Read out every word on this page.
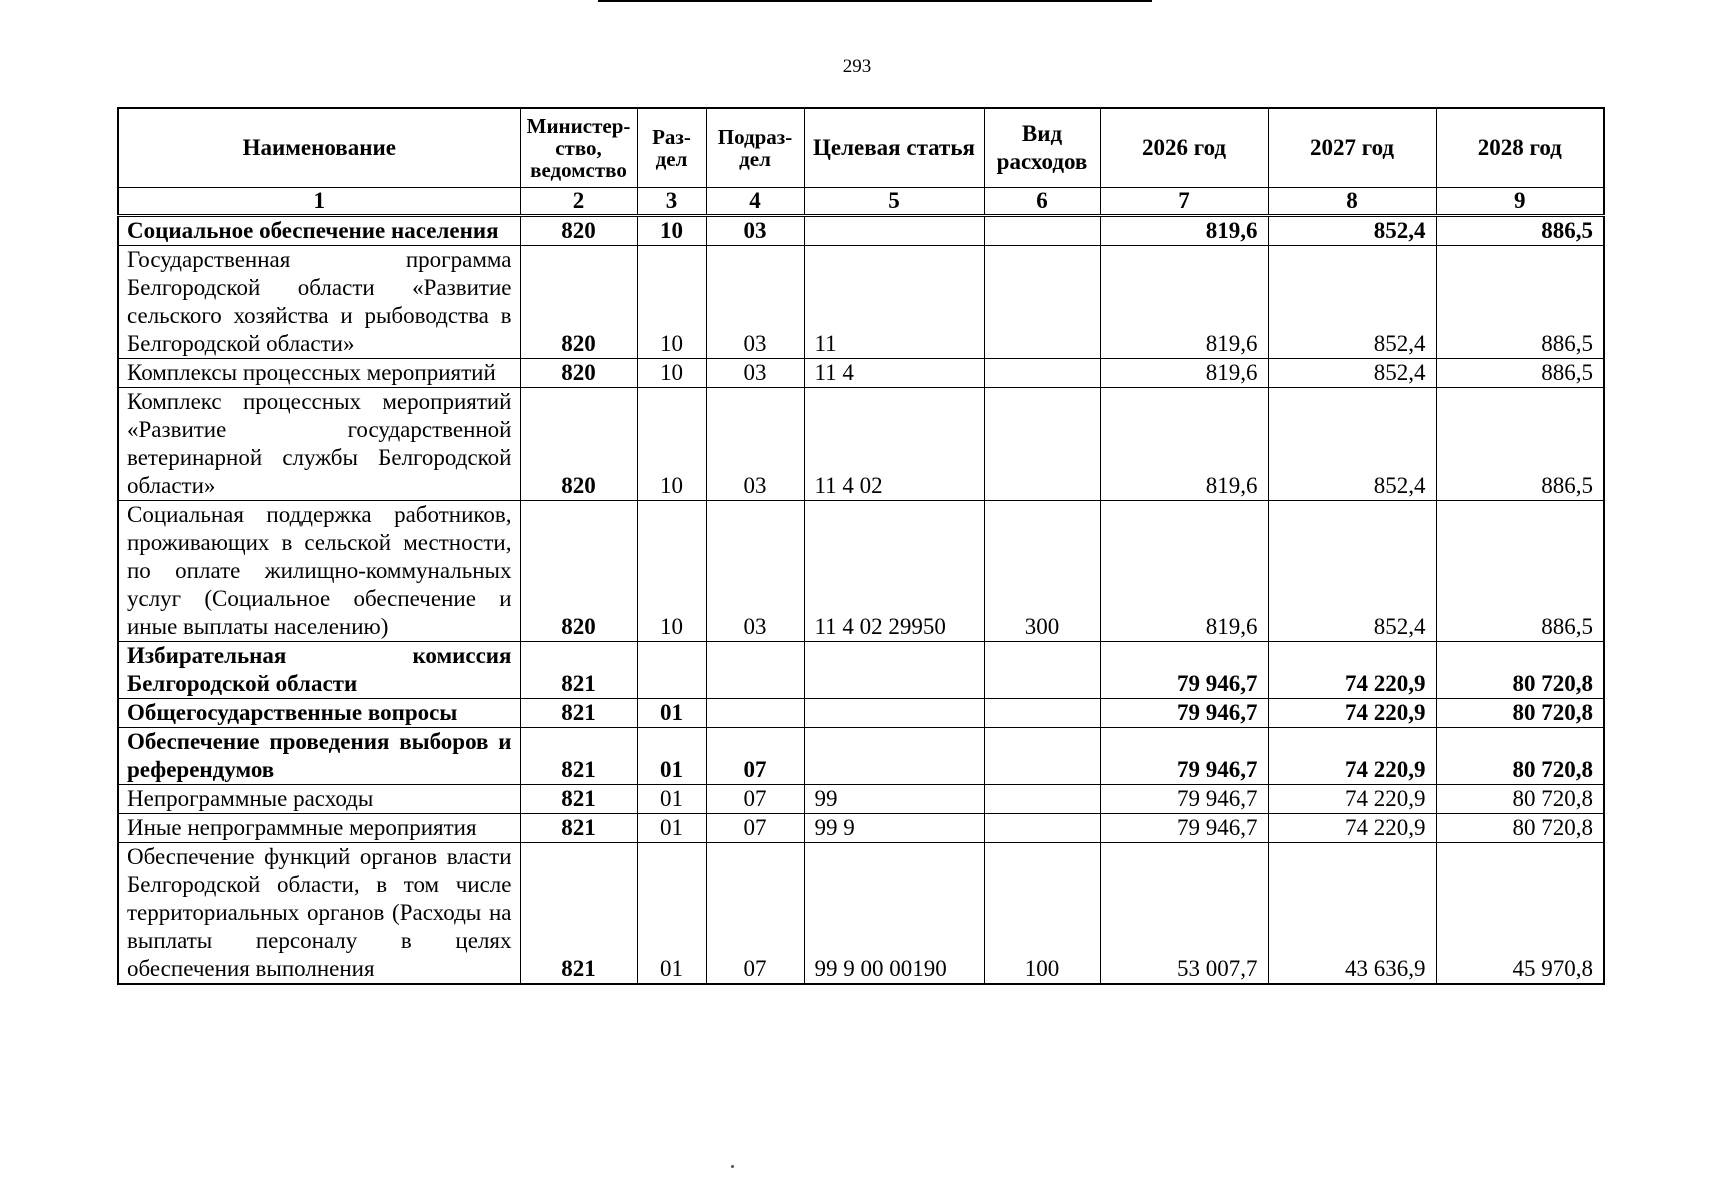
293
Наименование	Министер-ство, ведомство	Раз-дел	Подраз-дел	Целевая статья	Вид расходов	2026 год	2027 год	2028 год
1	2	3	4	5	6	7	8	9
Социальное обеспечение населения	820	10	03			819,6	852,4	886,5
Государственная программа Белгородской области «Развитие сельского хозяйства и рыбоводства в Белгородской области»	820	10	03	11		819,6	852,4	886,5
Комплексы процессных мероприятий	820	10	03	11 4		819,6	852,4	886,5
Комплекс процессных мероприятий «Развитие государственной ветеринарной службы Белгородской области»	820	10	03	11 4 02		819,6	852,4	886,5
Социальная поддержка работников, проживающих в сельской местности, по оплате жилищно-коммунальных услуг (Социальное обеспечение и иные выплаты населению)	820	10	03	11 4 02 29950	300	819,6	852,4	886,5
Избирательная комиссия Белгородской области	821					79 946,7	74 220,9	80 720,8
Общегосударственные вопросы	821	01				79 946,7	74 220,9	80 720,8
Обеспечение проведения выборов и референдумов	821	01	07			79 946,7	74 220,9	80 720,8
Непрограммные расходы	821	01	07	99		79 946,7	74 220,9	80 720,8
Иные непрограммные мероприятия	821	01	07	99 9		79 946,7	74 220,9	80 720,8
Обеспечение функций органов власти Белгородской области, в том числе территориальных органов (Расходы на выплаты персоналу в целях обеспечения выполнения	821	01	07	99 9 00 00190	100	53 007,7	43 636,9	45 970,8
